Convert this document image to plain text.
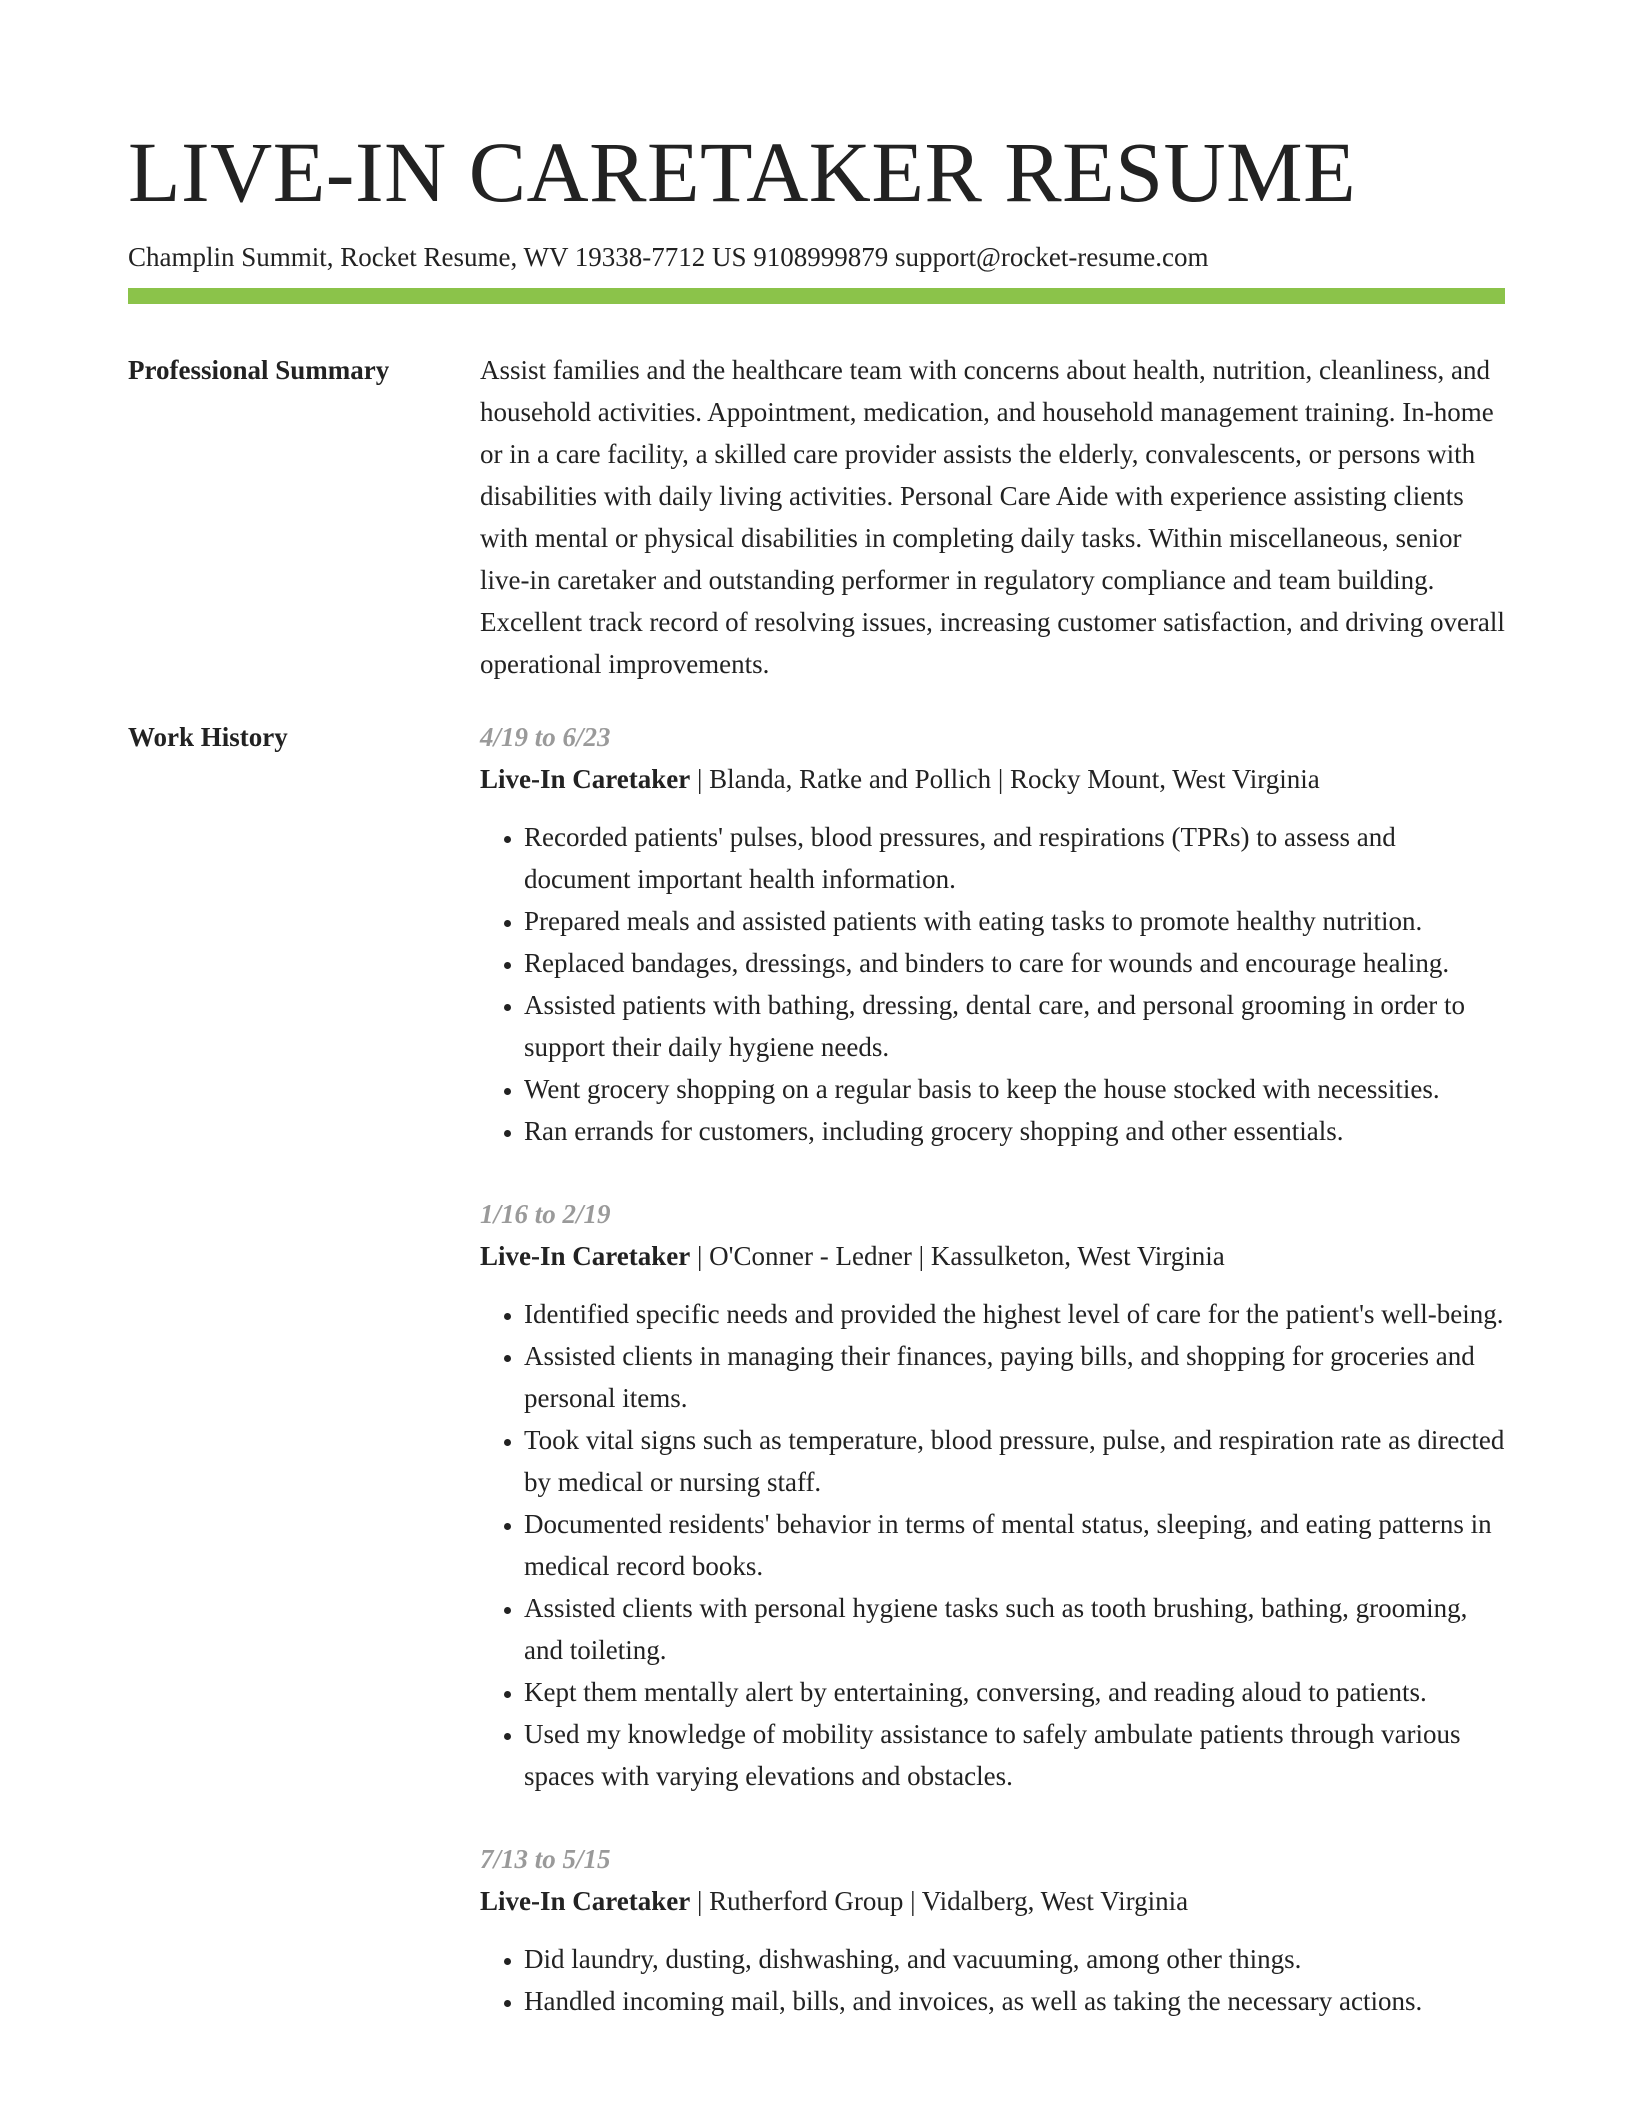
LIVE-IN CARETAKER RESUME
Champlin Summit, Rocket Resume, WV 19338-7712 US 9108999879 support@rocket-resume.com
Professional Summary	Assist families and the healthcare team with concerns about health, nutrition, cleanliness, and household activities. Appointment, medication, and household management training. In-home or in a care facility, a skilled care provider assists the elderly, convalescents, or persons with disabilities with daily living activities. Personal Care Aide with experience assisting clients with mental or physical disabilities in completing daily tasks. Within miscellaneous, senior live-in caretaker and outstanding performer in regulatory compliance and team building. Excellent track record of resolving issues, increasing customer satisfaction, and driving overall operational improvements.

Work History	4/19 to 6/23
Live-In Caretaker | Blanda, Ratke and Pollich | Rocky Mount, West Virginia
• Recorded patients' pulses, blood pressures, and respirations (TPRs) to assess and document important health information.
• Prepared meals and assisted patients with eating tasks to promote healthy nutrition.
• Replaced bandages, dressings, and binders to care for wounds and encourage healing.
• Assisted patients with bathing, dressing, dental care, and personal grooming in order to support their daily hygiene needs.
• Went grocery shopping on a regular basis to keep the house stocked with necessities.
• Ran errands for customers, including grocery shopping and other essentials.
1/16 to 2/19
Live-In Caretaker | O'Conner - Ledner | Kassulketon, West Virginia
• Identified specific needs and provided the highest level of care for the patient's well-being.
• Assisted clients in managing their finances, paying bills, and shopping for groceries and personal items.
• Took vital signs such as temperature, blood pressure, pulse, and respiration rate as directed by medical or nursing staff.
• Documented residents' behavior in terms of mental status, sleeping, and eating patterns in medical record books.
• Assisted clients with personal hygiene tasks such as tooth brushing, bathing, grooming, and toileting.
• Kept them mentally alert by entertaining, conversing, and reading aloud to patients.
• Used my knowledge of mobility assistance to safely ambulate patients through various spaces with varying elevations and obstacles.
7/13 to 5/15
Live-In Caretaker | Rutherford Group | Vidalberg, West Virginia
• Did laundry, dusting, dishwashing, and vacuuming, among other things.
• Handled incoming mail, bills, and invoices, as well as taking the necessary actions.
